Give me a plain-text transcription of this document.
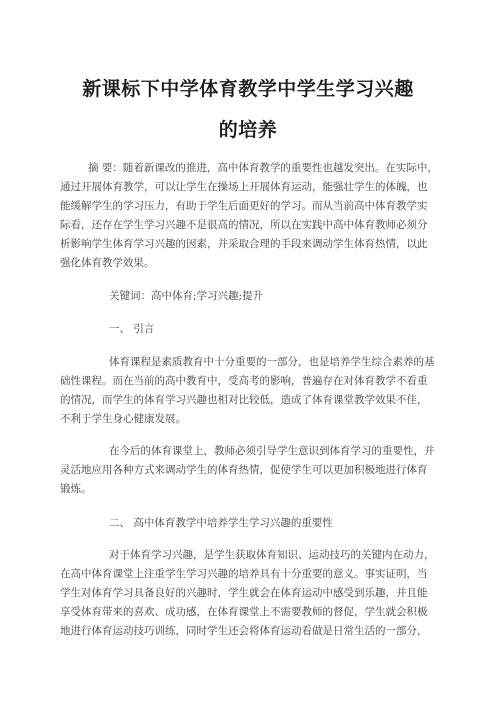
新课标下中学体育教学中学生学习兴趣
的培养
摘 要：随着新课改的推进，高中体育教学的重要性也越发突出。在实际中，
通过开展体育教学，可以让学生在操场上开展体育运动，能强壮学生的体魄，也
能缓解学生的学习压力，有助于学生后面更好的学习。而从当前高中体育教学实
际看，还存在学生学习兴趣不是很高的情况，所以在实践中高中体育教师必须分
析影响学生体育学习兴趣的因素，并采取合理的手段来调动学生体育热情，以此
强化体育教学效果。
关键词：高中体育;学习兴趣;提升
一、 引言
体育课程是素质教育中十分重要的一部分，也是培养学生综合素养的基
础性课程。而在当前的高中教育中，受高考的影响，普遍存在对体育教学不看重
的情况，而学生的体育学习兴趣也相对比较低，造成了体育课堂教学效果不佳，
不利于学生身心健康发展。
在今后的体育课堂上，教师必须引导学生意识到体育学习的重要性，并
灵活地应用各种方式来调动学生的体育热情，促使学生可以更加积极地进行体育
锻炼。
二、 高中体育教学中培养学生学习兴趣的重要性
对于体育学习兴趣，是学生获取体育知识、运动技巧的关键内在动力，
在高中体育课堂上注重学生学习兴趣的培养具有十分重要的意义。事实证明，当
学生对体育学习具备良好的兴趣时，学生就会在体育运动中感受到乐趣，并且能
享受体育带来的喜欢、成功感，在体育课堂上不需要教师的督促，学生就会积极
地进行体育运动技巧训练，同时学生还会将体育运动看做是日常生活的一部分，
